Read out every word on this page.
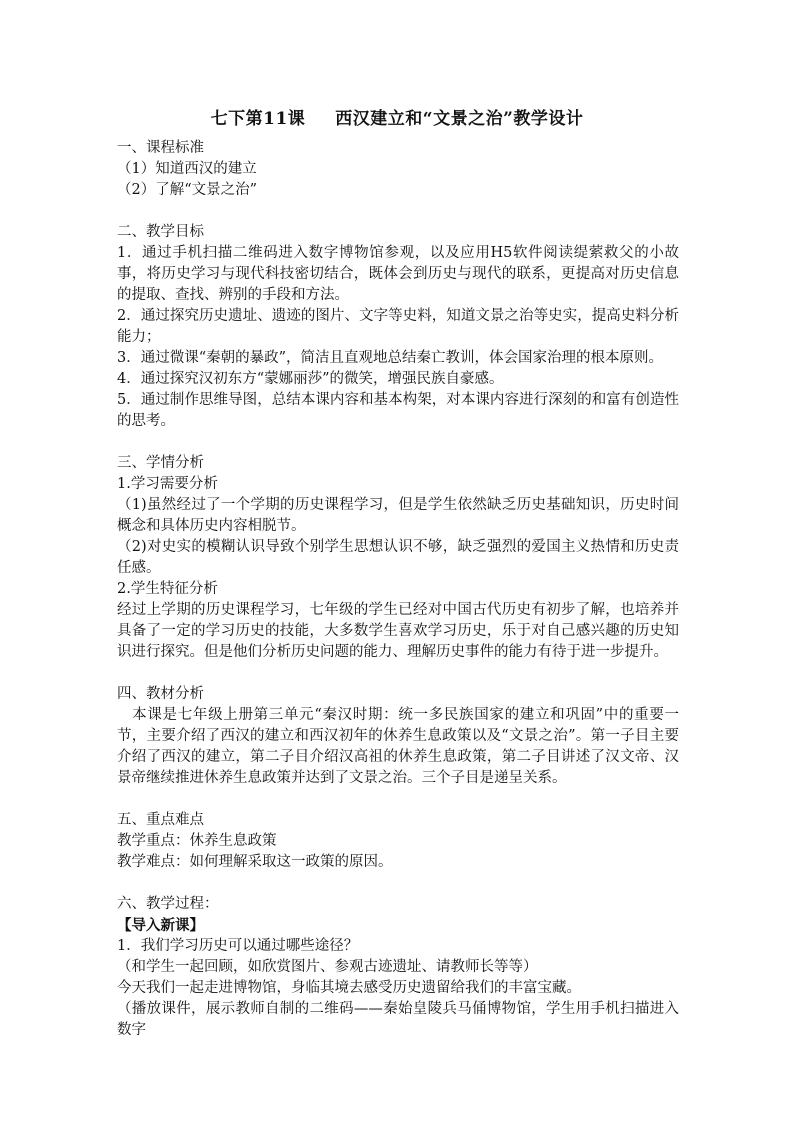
七下第11课 西汉建立和“文景之治”教学设计

一、课程标准

（1）知道西汉的建立

（2）了解“文景之治”

二、教学目标

1．通过手机扫描二维码进入数字博物馆参观，以及应用H5软件阅读缇萦救父的小故事，将历史学习与现代科技密切结合，既体会到历史与现代的联系，更提高对历史信息的提取、查找、辨别的手段和方法。

2．通过探究历史遗址、遗迹的图片、文字等史料，知道文景之治等史实，提高史料分析能力；

3．通过微课“秦朝的暴政”，简洁且直观地总结秦亡教训，体会国家治理的根本原则。

4．通过探究汉初东方“蒙娜丽莎”的微笑，增强民族自豪感。

5．通过制作思维导图，总结本课内容和基本构架，对本课内容进行深刻的和富有创造性的思考。

三、学情分析

1.学习需要分析

（1)虽然经过了一个学期的历史课程学习，但是学生依然缺乏历史基础知识，历史时间概念和具体历史内容相脱节。

（2)对史实的模糊认识导致个别学生思想认识不够，缺乏强烈的爱国主义热情和历史责任感。

2.学生特征分析

经过上学期的历史课程学习，七年级的学生已经对中国古代历史有初步了解，也培养并具备了一定的学习历史的技能，大多数学生喜欢学习历史，乐于对自己感兴趣的历史知识进行探究。但是他们分析历史问题的能力、理解历史事件的能力有待于进一步提升。

四、教材分析

　本课是七年级上册第三单元“秦汉时期：统一多民族国家的建立和巩固”中的重要一节，主要介绍了西汉的建立和西汉初年的休养生息政策以及“文景之治”。第一子目主要介绍了西汉的建立，第二子目介绍汉高祖的休养生息政策，第二子目讲述了汉文帝、汉景帝继续推进休养生息政策并达到了文景之治。三个子目是递呈关系。

五、重点难点

教学重点：休养生息政策

教学难点：如何理解采取这一政策的原因。

六、教学过程：

【导入新课】

1．我们学习历史可以通过哪些途径？

（和学生一起回顾，如欣赏图片、参观古迹遗址、请教师长等等）

今天我们一起走进博物馆，身临其境去感受历史遗留给我们的丰富宝藏。

（播放课件，展示教师自制的二维码——秦始皇陵兵马俑博物馆，学生用手机扫描进入数字
